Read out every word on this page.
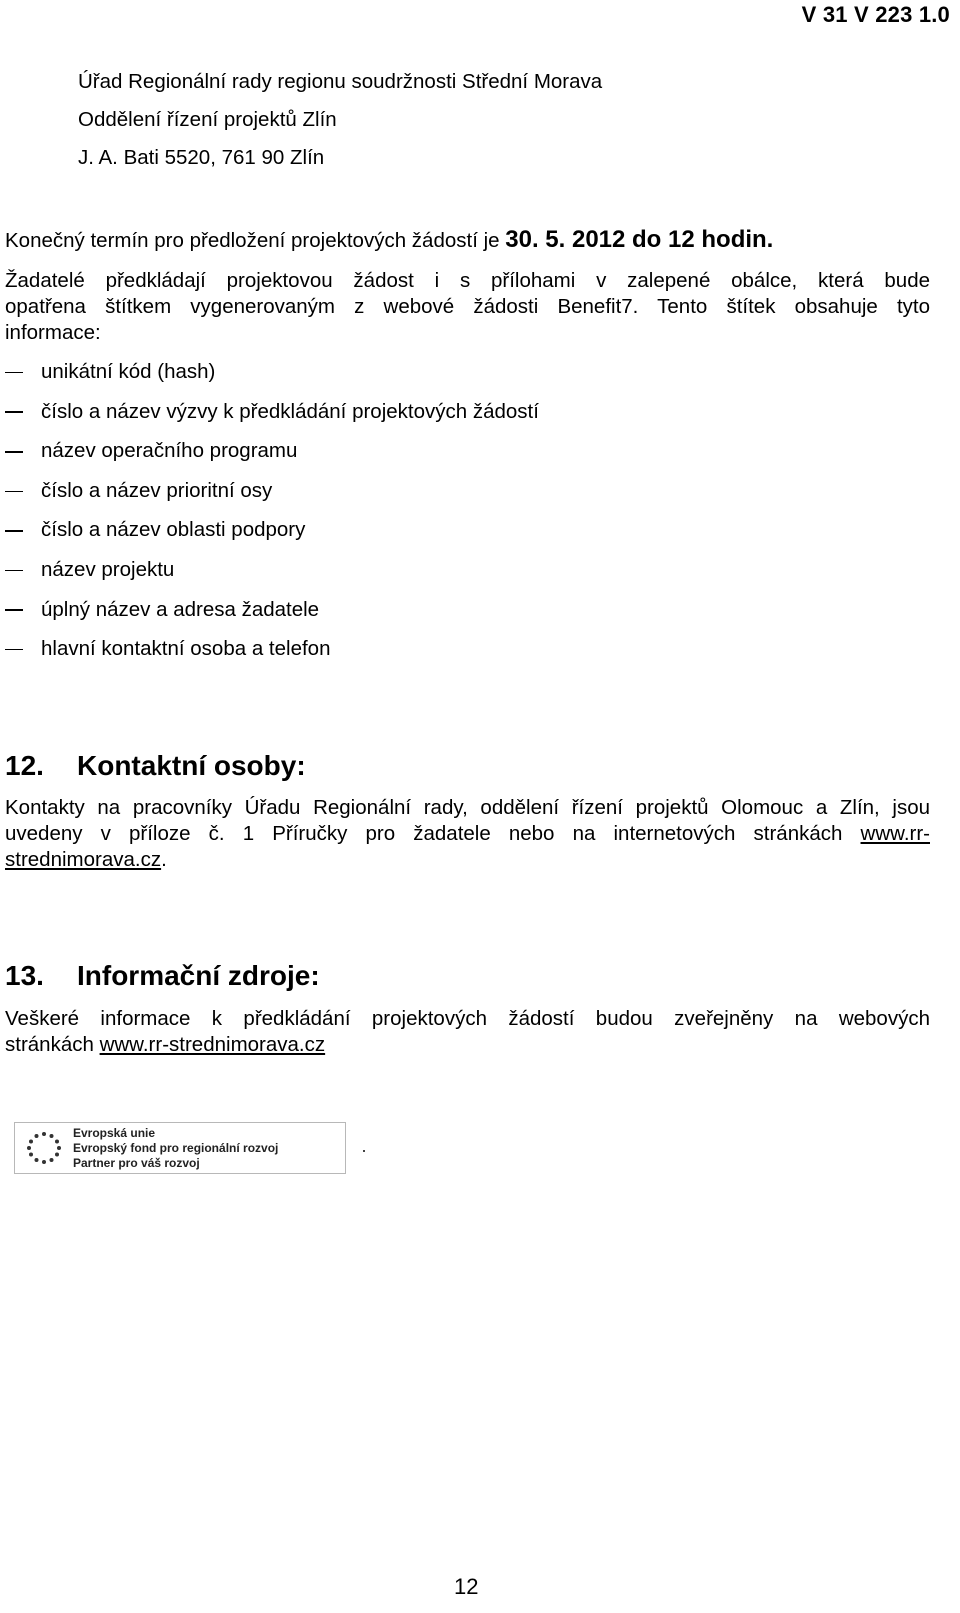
V 31 V 223 1.0
Úřad Regionální rady regionu soudržnosti Střední Morava
Oddělení řízení projektů Zlín
J. A. Bati 5520, 761 90 Zlín
Konečný termín pro předložení projektových žádostí je 30. 5. 2012 do 12 hodin.
Žadatelé předkládají projektovou žádost i s přílohami v zalepené obálce, která bude
opatřena štítkem vygenerovaným z webové žádosti Benefit7. Tento štítek obsahuje tyto
informace:
unikátní kód (hash)
číslo a název výzvy k předkládání projektových žádostí
název operačního programu
číslo a název prioritní osy
číslo a název oblasti podpory
název projektu
úplný název a adresa žadatele
hlavní kontaktní osoba a telefon
12. Kontaktní osoby:
Kontakty na pracovníky Úřadu Regionální rady, oddělení řízení projektů Olomouc a Zlín, jsou
uvedeny v příloze č. 1 Příručky pro žadatele nebo na internetových stránkách www.rr-
strednimorava.cz.
13. Informační zdroje:
Veškeré informace k předkládání projektových žádostí budou zveřejněny na webových
stránkách www.rr-strednimorava.cz
Evropská unie
Evropský fond pro regionální rozvoj
Partner pro váš rozvoj
12
